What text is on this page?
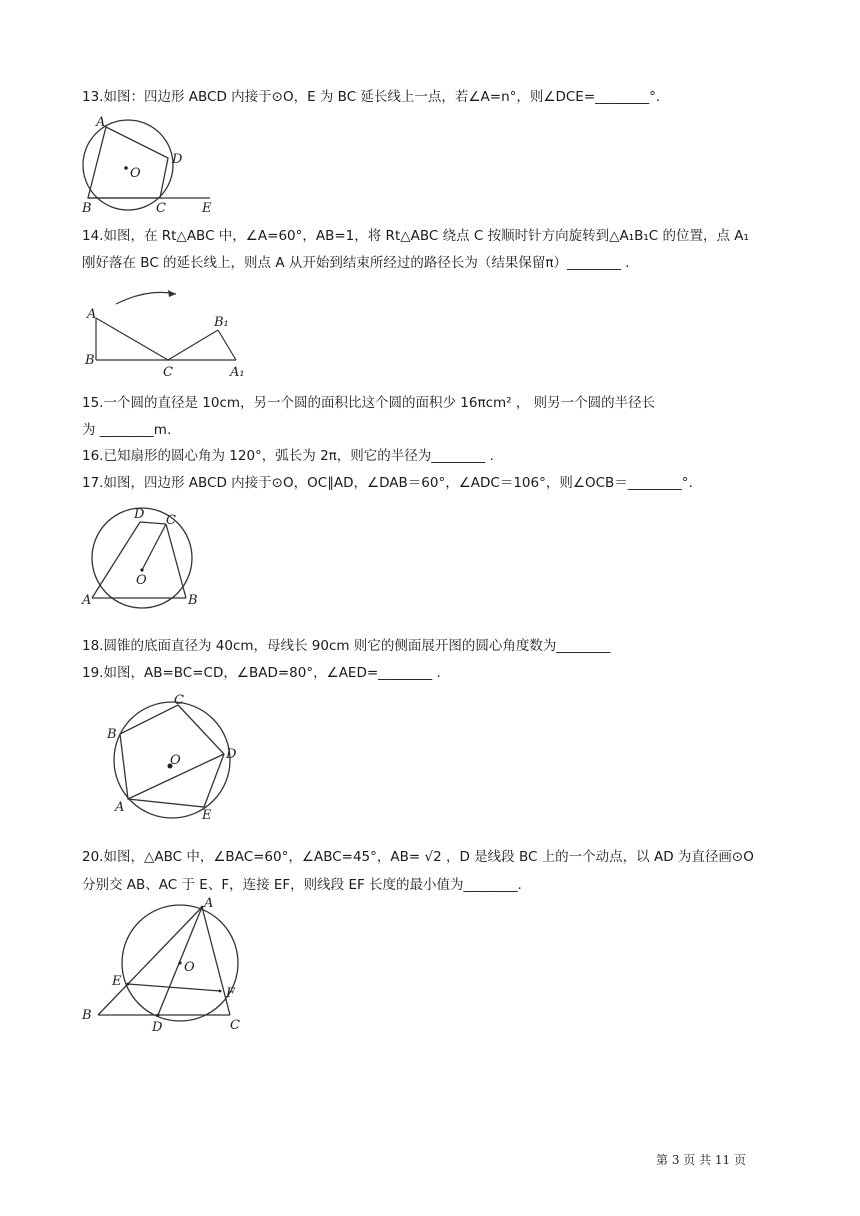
13.如图：四边形 ABCD 内接于⊙O，E 为 BC 延长线上一点，若∠A=n°，则∠DCE=________°.
A
D
O
B	C	E
14.如图，在 Rt△ABC 中，∠A=60°，AB=1，将 Rt△ABC 绕点 C 按顺时针方向旋转到△A₁B₁C 的位置，点 A₁
刚好落在 BC 的延长线上，则点 A 从开始到结束所经过的路径长为（结果保留π）________ .
A
B
C
B₁
A₁
15.一个圆的直径是 10cm，另一个圆的面积比这个圆的面积少 16πcm² ， 则另一个圆的半径长
为 ________m.
16.已知扇形的圆心角为 120°，弧长为 2π，则它的半径为________ .
17.如图，四边形 ABCD 内接于⊙O，OC∥AD，∠DAB＝60°，∠ADC＝106°，则∠OCB＝________°.
D C
O
A	B
18.圆锥的底面直径为 40cm，母线长 90cm 则它的侧面展开图的圆心角度数为________
19.如图，AB=BC=CD，∠BAD=80°，∠AED=________ .
C
B
D
O
A
E
20.如图，△ABC 中，∠BAC=60°，∠ABC=45°，AB= √2 ，D 是线段 BC 上的一个动点，以 AD 为直径画⊙O
分别交 AB、AC 于 E、F，连接 EF，则线段 EF 长度的最小值为________.
A
O
E
F
B
D	C
第 3 页 共 11 页
